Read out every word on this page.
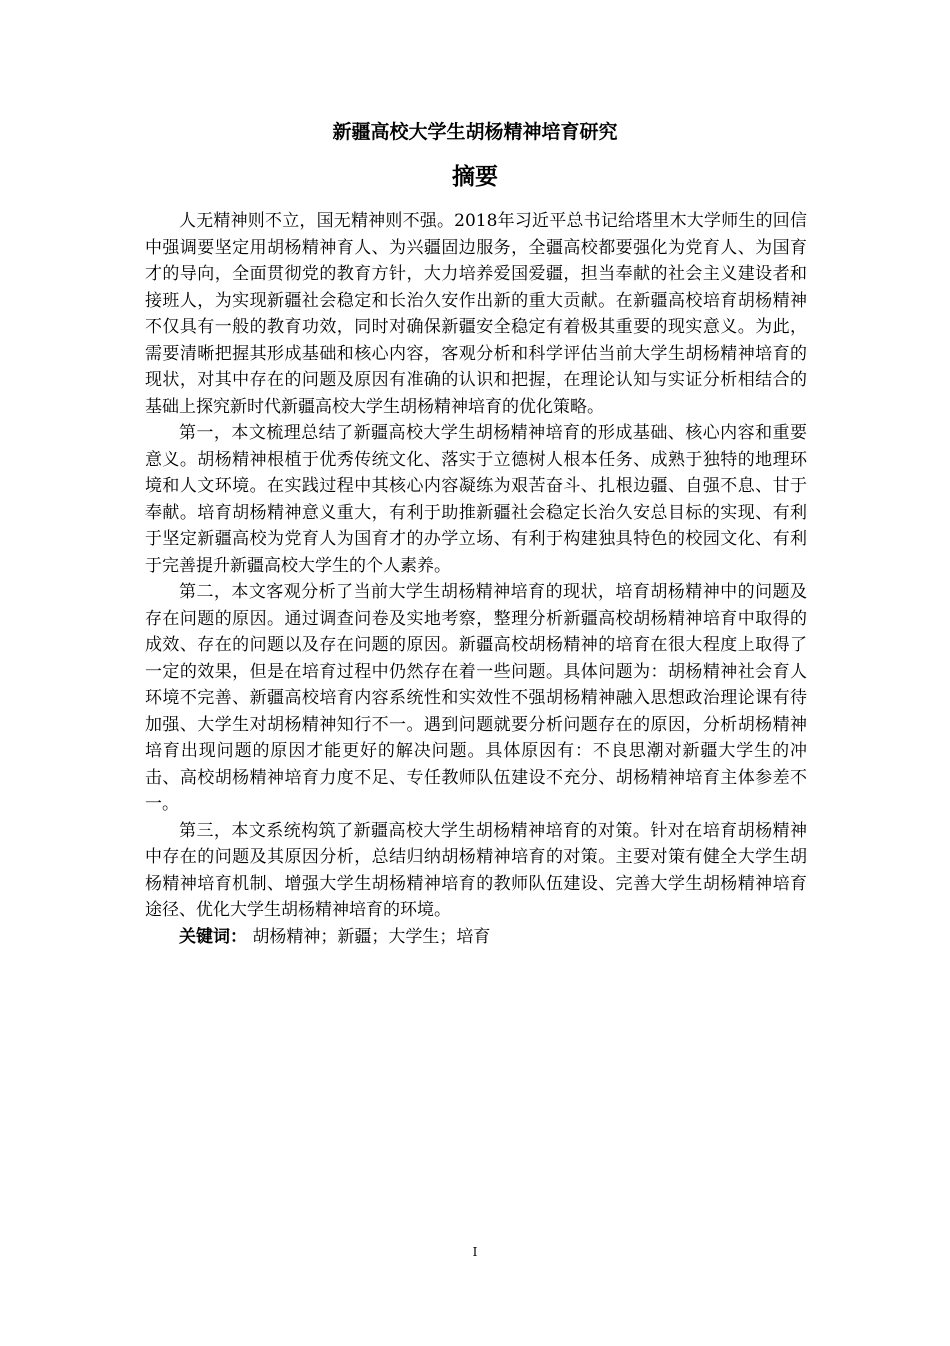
新疆高校大学生胡杨精神培育研究
摘要

人无精神则不立，国无精神则不强。2018年习近平总书记给塔里木大学师生的回信中强调要坚定用胡杨精神育人、为兴疆固边服务，全疆高校都要强化为党育人、为国育才的导向，全面贯彻党的教育方针，大力培养爱国爱疆，担当奉献的社会主义建设者和接班人，为实现新疆社会稳定和长治久安作出新的重大贡献。在新疆高校培育胡杨精神不仅具有一般的教育功效，同时对确保新疆安全稳定有着极其重要的现实意义。为此，需要清晰把握其形成基础和核心内容，客观分析和科学评估当前大学生胡杨精神培育的现状，对其中存在的问题及原因有准确的认识和把握，在理论认知与实证分析相结合的基础上探究新时代新疆高校大学生胡杨精神培育的优化策略。

第一，本文梳理总结了新疆高校大学生胡杨精神培育的形成基础、核心内容和重要意义。胡杨精神根植于优秀传统文化、落实于立德树人根本任务、成熟于独特的地理环境和人文环境。在实践过程中其核心内容凝练为艰苦奋斗、扎根边疆、自强不息、甘于奉献。培育胡杨精神意义重大，有利于助推新疆社会稳定长治久安总目标的实现、有利于坚定新疆高校为党育人为国育才的办学立场、有利于构建独具特色的校园文化、有利于完善提升新疆高校大学生的个人素养。

第二，本文客观分析了当前大学生胡杨精神培育的现状，培育胡杨精神中的问题及存在问题的原因。通过调查问卷及实地考察，整理分析新疆高校胡杨精神培育中取得的成效、存在的问题以及存在问题的原因。新疆高校胡杨精神的培育在很大程度上取得了一定的效果，但是在培育过程中仍然存在着一些问题。具体问题为：胡杨精神社会育人环境不完善、新疆高校培育内容系统性和实效性不强胡杨精神融入思想政治理论课有待加强、大学生对胡杨精神知行不一。遇到问题就要分析问题存在的原因，分析胡杨精神培育出现问题的原因才能更好的解决问题。具体原因有：不良思潮对新疆大学生的冲击、高校胡杨精神培育力度不足、专任教师队伍建设不充分、胡杨精神培育主体参差不一。

第三，本文系统构筑了新疆高校大学生胡杨精神培育的对策。针对在培育胡杨精神中存在的问题及其原因分析，总结归纳胡杨精神培育的对策。主要对策有健全大学生胡杨精神培育机制、增强大学生胡杨精神培育的教师队伍建设、完善大学生胡杨精神培育途径、优化大学生胡杨精神培育的环境。

关键词： 胡杨精神；新疆；大学生；培育

I
